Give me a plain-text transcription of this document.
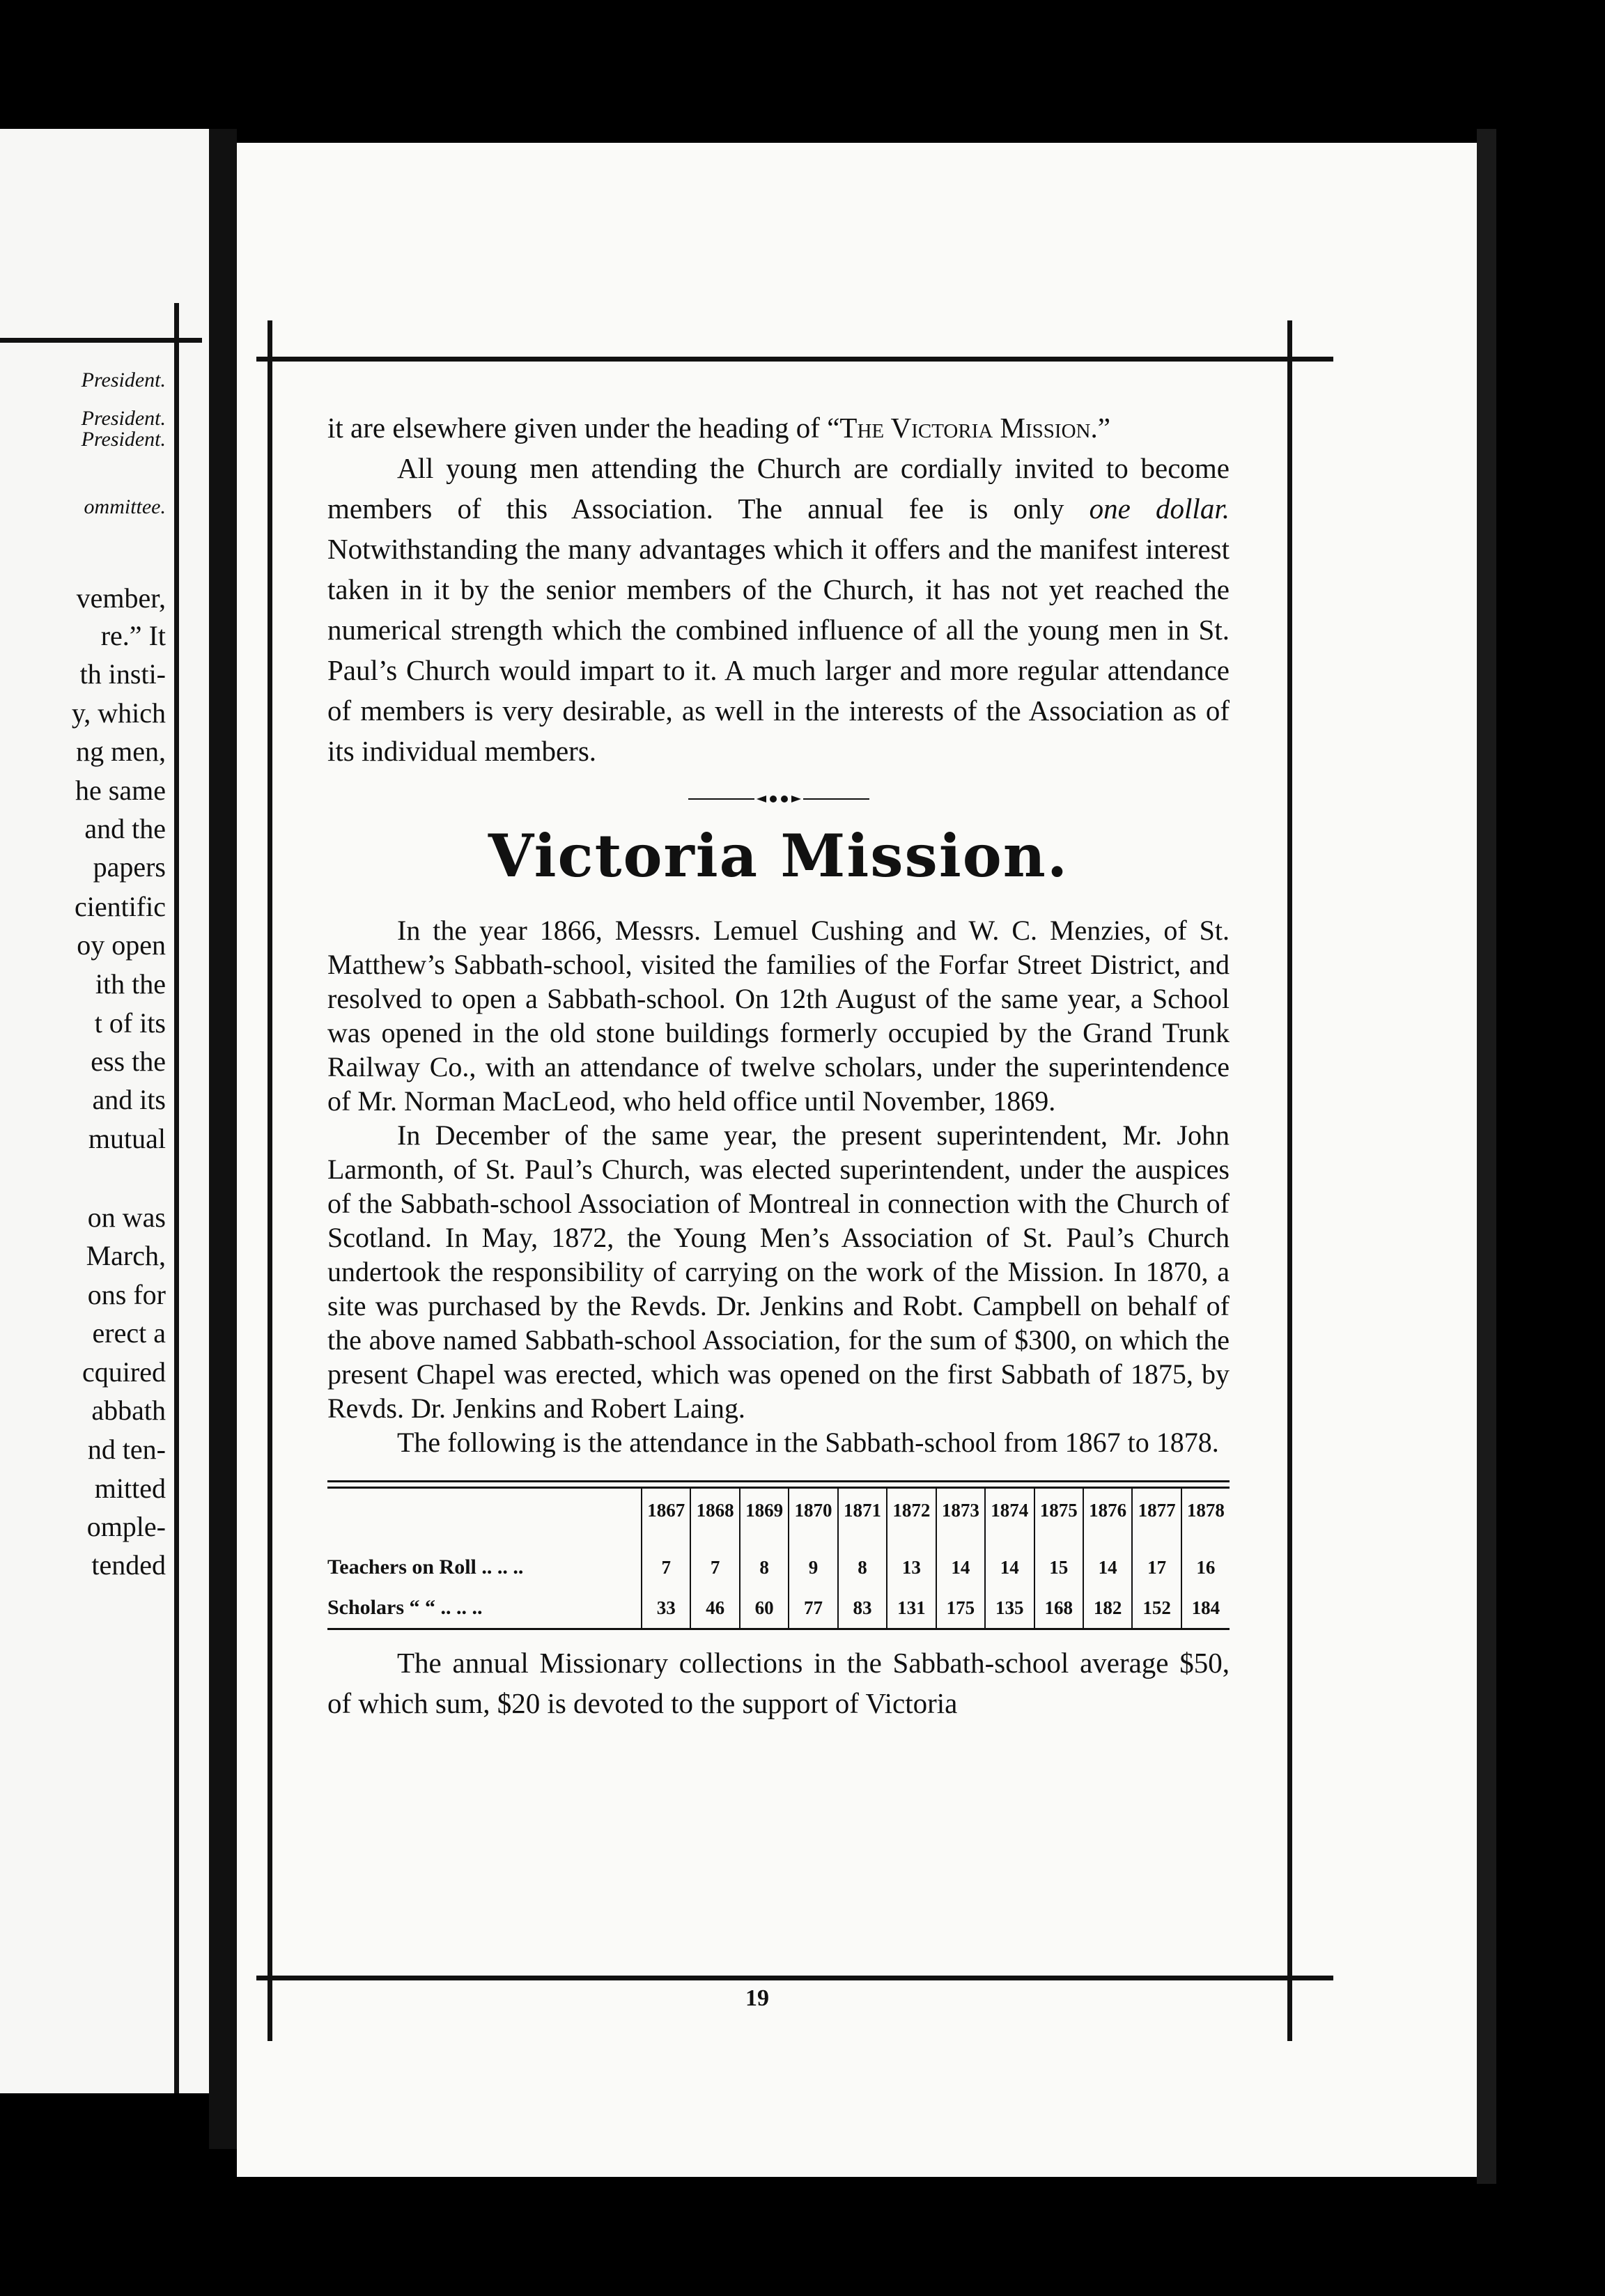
President.
President.
President.
ommittee.
vember,
re.” It
th insti-
y, which
ng men,
he same
and the
papers
cientific
oy open
ith the
t of its
ess the
and its
mutual
on was
March,
ons for
erect a
cquired
abbath
nd ten-
mitted
omple-
tended

it are elsewhere given under the heading of “The Victoria Mission.”

All young men attending the Church are cordially invited to become members of this Association. The annual fee is only one dollar. Notwithstanding the many advantages which it offers and the manifest interest taken in it by the senior members of the Church, it has not yet reached the numerical strength which the combined influence of all the young men in St. Paul’s Church would impart to it. A much larger and more regular attendance of members is very desirable, as well in the interests of the Association as of its individual members.

Victoria Mission.

In the year 1866, Messrs. Lemuel Cushing and W. C. Menzies, of St. Matthew’s Sabbath-school, visited the families of the Forfar Street District, and resolved to open a Sabbath-school. On 12th August of the same year, a School was opened in the old stone buildings formerly occupied by the Grand Trunk Railway Co., with an attendance of twelve scholars, under the superintendence of Mr. Norman MacLeod, who held office until November, 1869.

In December of the same year, the present superintendent, Mr. John Larmonth, of St. Paul’s Church, was elected superintendent, under the auspices of the Sabbath-school Association of Montreal in connection with the Church of Scotland. In May, 1872, the Young Men’s Association of St. Paul’s Church undertook the responsibility of carrying on the work of the Mission. In 1870, a site was purchased by the Revds. Dr. Jenkins and Robt. Campbell on behalf of the above named Sabbath-school Association, for the sum of $300, on which the present Chapel was erected, which was opened on the first Sabbath of 1875, by Revds. Dr. Jenkins and Robert Laing.

The following is the attendance in the Sabbath-school from 1867 to 1878.

	1867	1868	1869	1870	1871	1872	1873	1874	1875	1876	1877	1878

Teachers on Roll .. .. ..	7	7	8	9	8	13	14	14	15	14	17	16
Scholars “ “ .. .. ..	33	46	60	77	83	131	175	135	168	182	152	184

The annual Missionary collections in the Sabbath-school average $50, of which sum, $20 is devoted to the support of Victoria

19
